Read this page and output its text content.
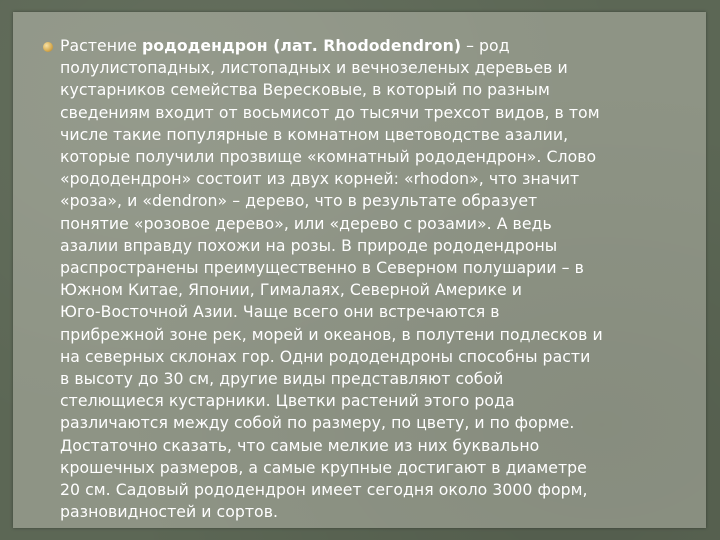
Растение рододендрон (лат. Rhododendron) – род
полулистопадных, листопадных и вечнозеленых деревьев и
кустарников семейства Вересковые, в который по разным
сведениям входит от восьмисот до тысячи трехсот видов, в том
числе такие популярные в комнатном цветоводстве азалии,
которые получили прозвище «комнатный рододендрон». Слово
«рододендрон» состоит из двух корней: «rhodon», что значит
«роза», и «dendron» – дерево, что в результате образует
понятие «розовое дерево», или «дерево с розами». А ведь
азалии вправду похожи на розы. В природе рододендроны
распространены преимущественно в Северном полушарии – в
Южном Китае, Японии, Гималаях, Северной Америке и
Юго-Восточной Азии. Чаще всего они встречаются в
прибрежной зоне рек, морей и океанов, в полутени подлесков и
на северных склонах гор. Одни рододендроны способны расти
в высоту до 30 см, другие виды представляют собой
стелющиеся кустарники. Цветки растений этого рода
различаются между собой по размеру, по цвету, и по форме.
Достаточно сказать, что самые мелкие из них буквально
крошечных размеров, а самые крупные достигают в диаметре
20 см. Садовый рододендрон имеет сегодня около 3000 форм,
разновидностей и сортов.
